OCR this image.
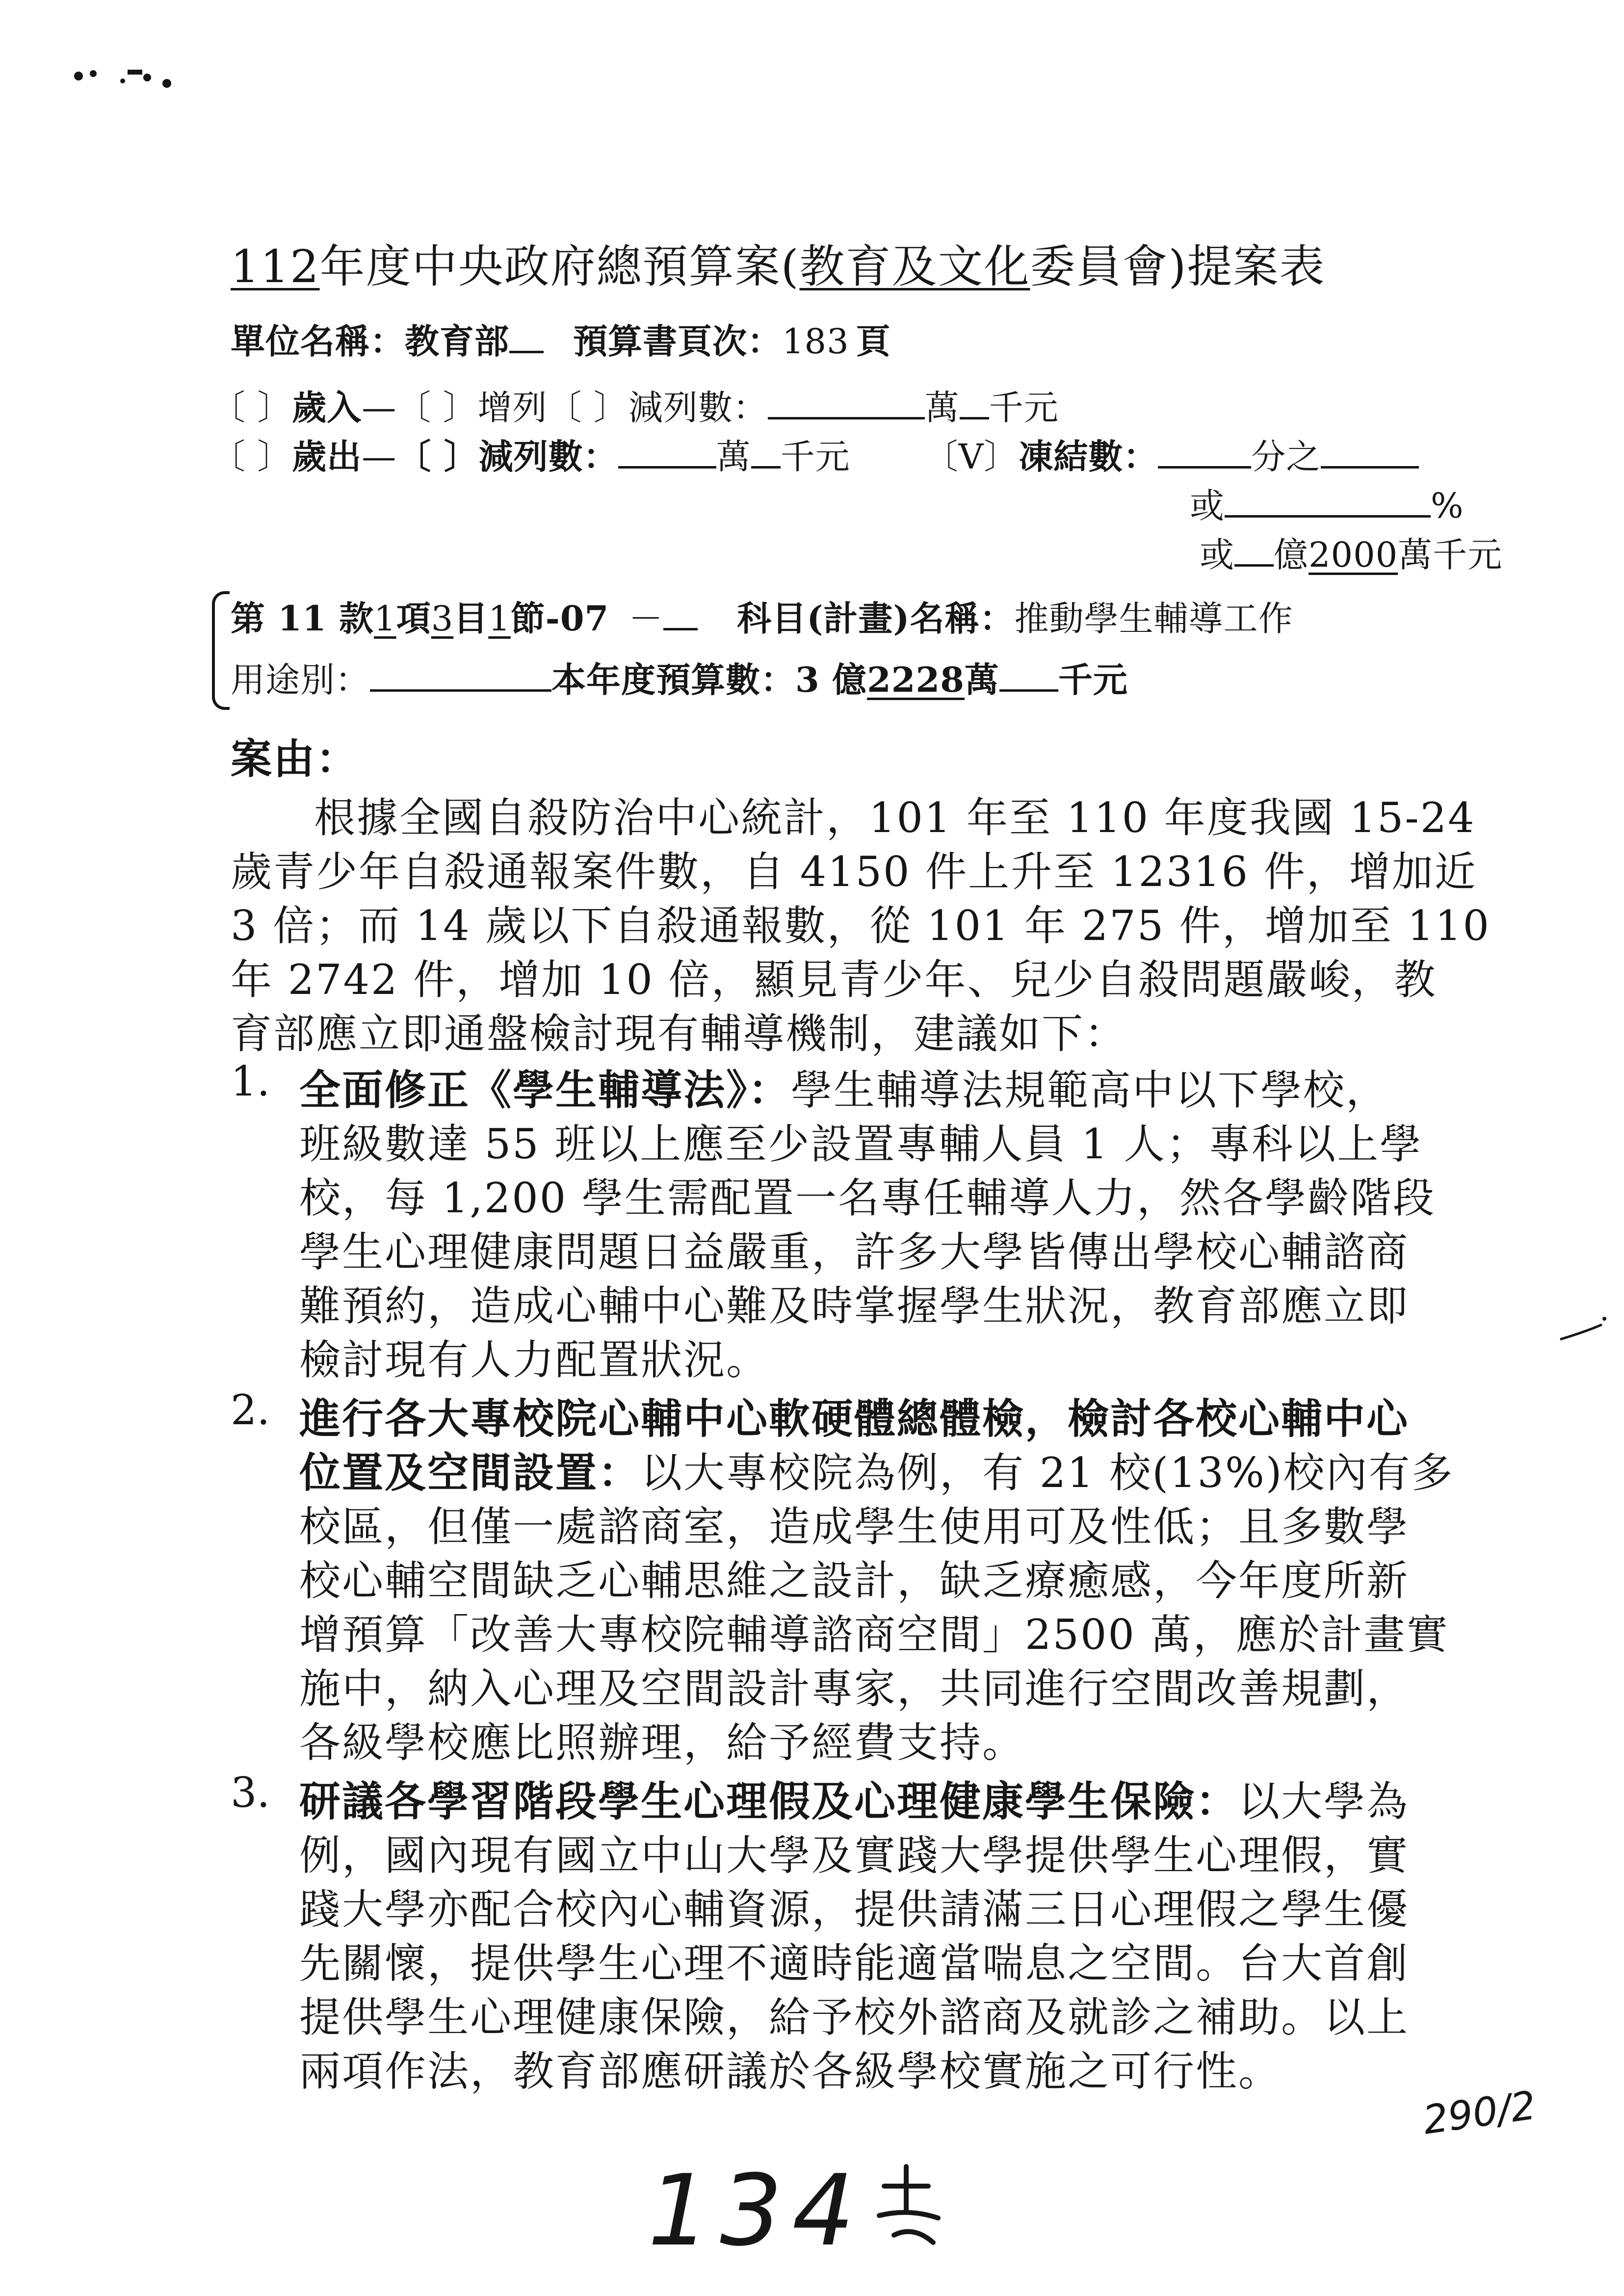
112年度中央政府總預算案(教育及文化委員會)提案表
單位名稱：教育部 預算書頁次：183 頁
〔 〕歲入—〔 〕增列〔 〕減列數：	萬 千元
〔 〕歲出—〔 〕減列數：	萬 千元 〔V〕凍結數：	分之
或	%
或 億2000萬千元
第 11 款1項3目1節-07 － 科目(計畫)名稱：推動學生輔導工作
用途別：	本年度預算數：3 億2228萬 千元
案由：
根據全國自殺防治中心統計，101 年至 110 年度我國 15-24
歲青少年自殺通報案件數，自 4150 件上升至 12316 件，增加近
3 倍；而 14 歲以下自殺通報數，從 101 年 275 件，增加至 110
年 2742 件，增加 10 倍，顯見青少年、兒少自殺問題嚴峻，教
育部應立即通盤檢討現有輔導機制，建議如下：
1. 全面修正《學生輔導法》：學生輔導法規範高中以下學校，
班級數達 55 班以上應至少設置專輔人員 1 人；專科以上學
校，每 1,200 學生需配置一名專任輔導人力，然各學齡階段
學生心理健康問題日益嚴重，許多大學皆傳出學校心輔諮商
難預約，造成心輔中心難及時掌握學生狀況，教育部應立即
檢討現有人力配置狀況。
2. 進行各大專校院心輔中心軟硬體總體檢，檢討各校心輔中心
位置及空間設置：以大專校院為例，有 21 校(13%)校內有多
校區，但僅一處諮商室，造成學生使用可及性低；且多數學
校心輔空間缺乏心輔思維之設計，缺乏療癒感，今年度所新
增預算「改善大專校院輔導諮商空間」2500 萬，應於計畫實
施中，納入心理及空間設計專家，共同進行空間改善規劃，
各級學校應比照辦理，給予經費支持。
3. 研議各學習階段學生心理假及心理健康學生保險：以大學為
例，國內現有國立中山大學及實踐大學提供學生心理假，實
踐大學亦配合校內心輔資源，提供請滿三日心理假之學生優
先關懷，提供學生心理不適時能適當喘息之空間。台大首創
提供學生心理健康保險，給予校外諮商及就診之補助。以上
兩項作法，教育部應研議於各級學校實施之可行性。
290/2
134
